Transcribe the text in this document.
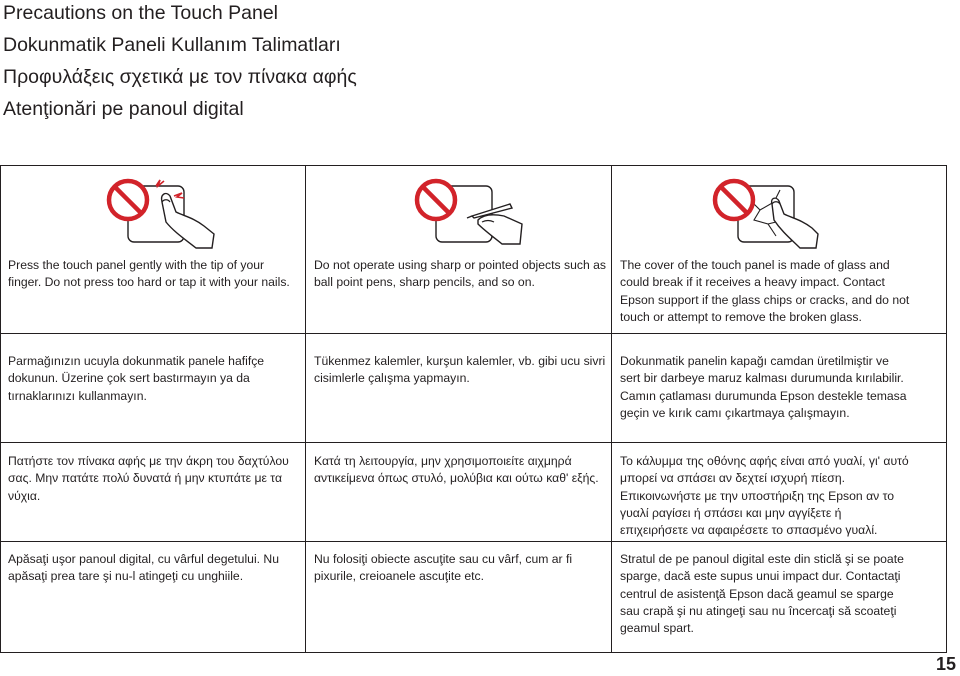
Precautions on the Touch Panel
Dokunmatik Paneli Kullanım Talimatları
Προφυλάξεις σχετικά με τον πίνακα αφής
Atenţionări pe panoul digital

Press the touch panel gently with the tip of your finger. Do not press too hard or tap it with your nails.

Do not operate using sharp or pointed objects such as ball point pens, sharp pencils, and so on.

The cover of the touch panel is made of glass and could break if it receives a heavy impact. Contact Epson support if the glass chips or cracks, and do not touch or attempt to remove the broken glass.

Parmağınızın ucuyla dokunmatik panele hafifçe dokunun. Üzerine çok sert bastırmayın ya da tırnaklarınızı kullanmayın.

Tükenmez kalemler, kurşun kalemler, vb. gibi ucu sivri cisimlerle çalışma yapmayın.

Dokunmatik panelin kapağı camdan üretilmiştir ve sert bir darbeye maruz kalması durumunda kırılabilir. Camın çatlaması durumunda Epson destekle temasa geçin ve kırık camı çıkartmaya çalışmayın.

Πατήστε τον πίνακα αφής με την άκρη του δαχτύλου σας. Μην πατάτε πολύ δυνατά ή μην κτυπάτε με τα νύχια.

Κατά τη λειτουργία, μην χρησιμοποιείτε αιχμηρά αντικείμενα όπως στυλό, μολύβια και ούτω καθ' εξής.

Το κάλυμμα της οθόνης αφής είναι από γυαλί, γι' αυτό μπορεί να σπάσει αν δεχτεί ισχυρή πίεση. Επικοινωνήστε με την υποστήριξη της Epson αν το γυαλί ραγίσει ή σπάσει και μην αγγίξετε ή επιχειρήσετε να αφαιρέσετε το σπασμένο γυαλί.

Apăsaţi uşor panoul digital, cu vârful degetului. Nu apăsaţi prea tare şi nu-l atingeţi cu unghiile.

Nu folosiţi obiecte ascuţite sau cu vârf, cum ar fi pixurile, creioanele ascuţite etc.

Stratul de pe panoul digital este din sticlă şi se poate sparge, dacă este supus unui impact dur. Contactaţi centrul de asistenţă Epson dacă geamul se sparge sau crapă şi nu atingeţi sau nu încercaţi să scoateţi geamul spart.

15
